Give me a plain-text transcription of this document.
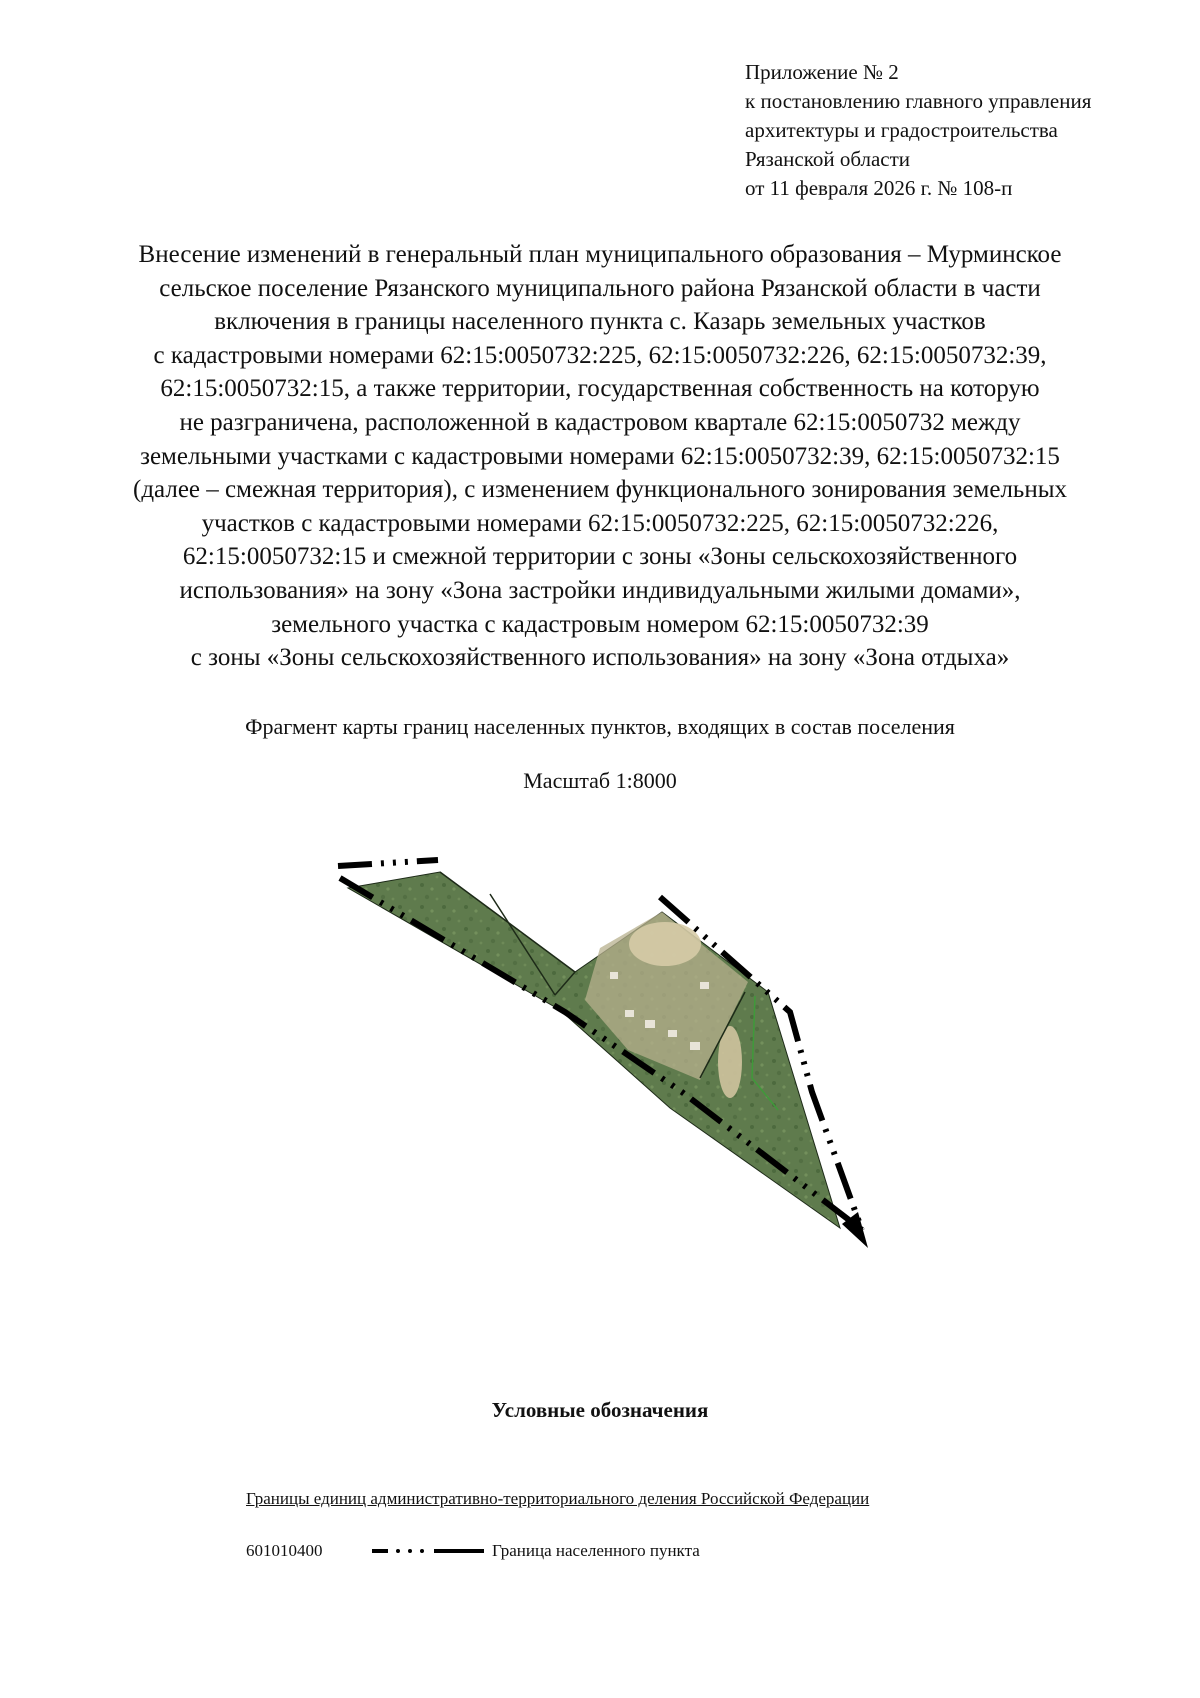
Приложение № 2
к постановлению главного управления
архитектуры и градостроительства
Рязанской области
от 11 февраля 2026 г. № 108-п
Внесение изменений в генеральный план муниципального образования – Мурминское
сельское поселение Рязанского муниципального района Рязанской области в части
включения в границы населенного пункта с. Казарь земельных участков
с кадастровыми номерами 62:15:0050732:225, 62:15:0050732:226, 62:15:0050732:39,
62:15:0050732:15, а также территории, государственная собственность на которую
не разграничена, расположенной в кадастровом квартале 62:15:0050732 между
земельными участками с кадастровыми номерами 62:15:0050732:39, 62:15:0050732:15
(далее – смежная территория), с изменением функционального зонирования земельных
участков с кадастровыми номерами 62:15:0050732:225, 62:15:0050732:226,
62:15:0050732:15 и смежной территории с зоны «Зоны сельскохозяйственного
использования» на зону «Зона застройки индивидуальными жилыми домами»,
земельного участка с кадастровым номером 62:15:0050732:39
с зоны «Зоны сельскохозяйственного использования» на зону «Зона отдыха»
Фрагмент карты границ населенных пунктов, входящих в состав поселения
Масштаб 1:8000
Условные обозначения
Границы единиц административно-территориального деления Российской Федерации
601010400	Граница населенного пункта
